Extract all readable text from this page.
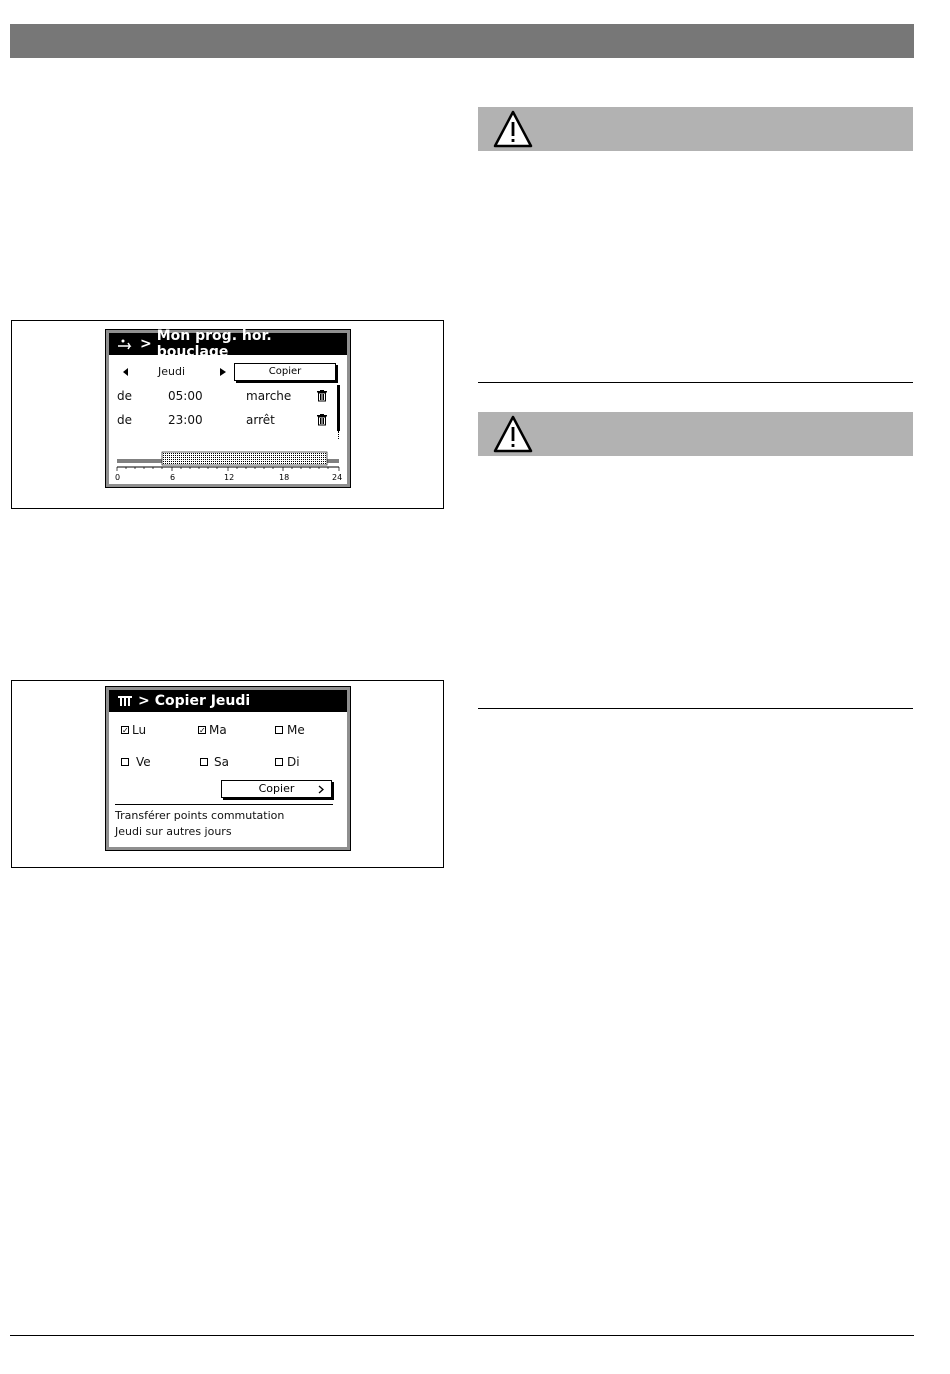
> Mon prog. hor. bouclage
Jeudi	Copier
de	05:00	marche
de	23:00	arrêt
0	6	12	18	24
> Copier Jeudi
✓ Lu	✓ Ma	Me
Ve	Sa	Di
Copier
Transférer points commutation
Jeudi sur autres jours
